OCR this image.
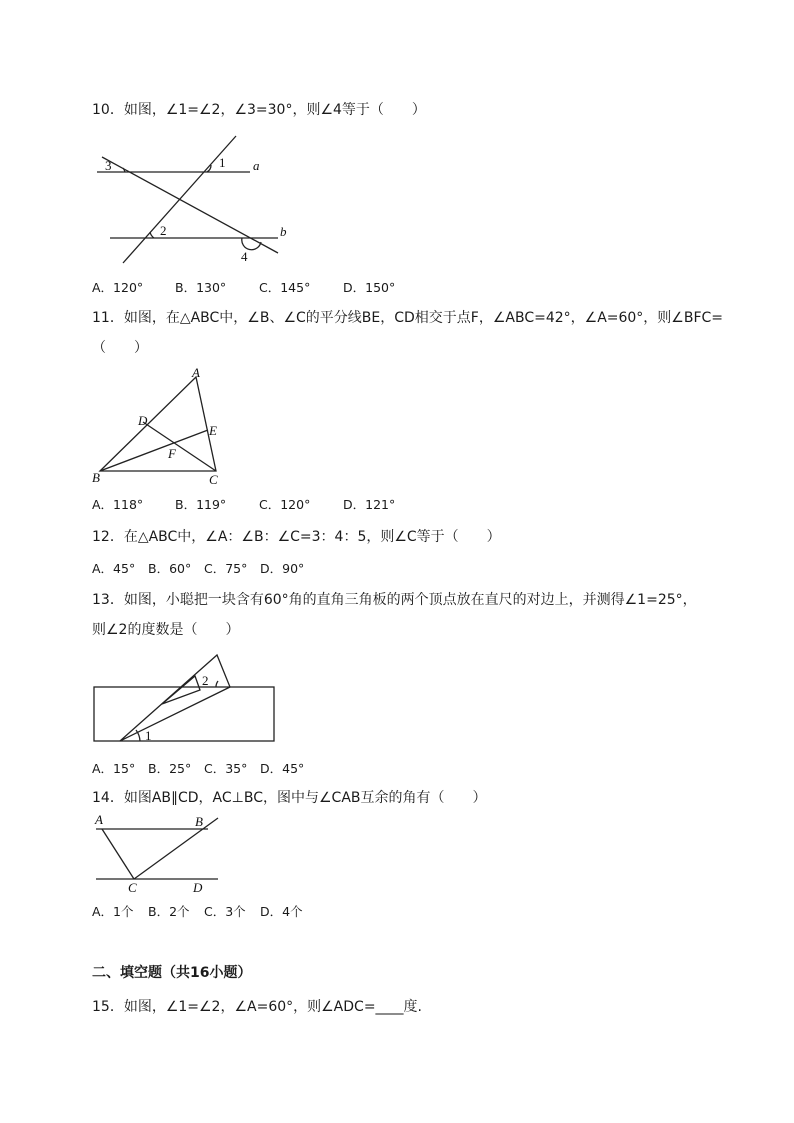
10．如图，∠1=∠2，∠3=30°，则∠4等于（　　）
3	1 a
2	b
4
A．120°	B．130°	C．145°	D．150°
11．如图，在△ABC中，∠B、∠C的平分线BE，CD相交于点F，∠ABC=42°，∠A=60°，则∠BFC=
（　　）
A
D
E
F
B	C
A．118°	B．119°	C．120°	D．121°
12．在△ABC中，∠A：∠B：∠C=3：4：5，则∠C等于（　　）
A．45° B．60° C．75° D．90°
13．如图，小聪把一块含有60°角的直角三角板的两个顶点放在直尺的对边上，并测得∠1=25°，
则∠2的度数是（　　）
1
2
A．15° B．25° C．35° D．45°
14．如图AB∥CD，AC⊥BC，图中与∠CAB互余的角有（　　）
A	B
C	D
A．1个 B．2个 C．3个 D．4个
二、填空题（共16小题）
15．如图，∠1=∠2，∠A=60°，则∠ADC=____度.
